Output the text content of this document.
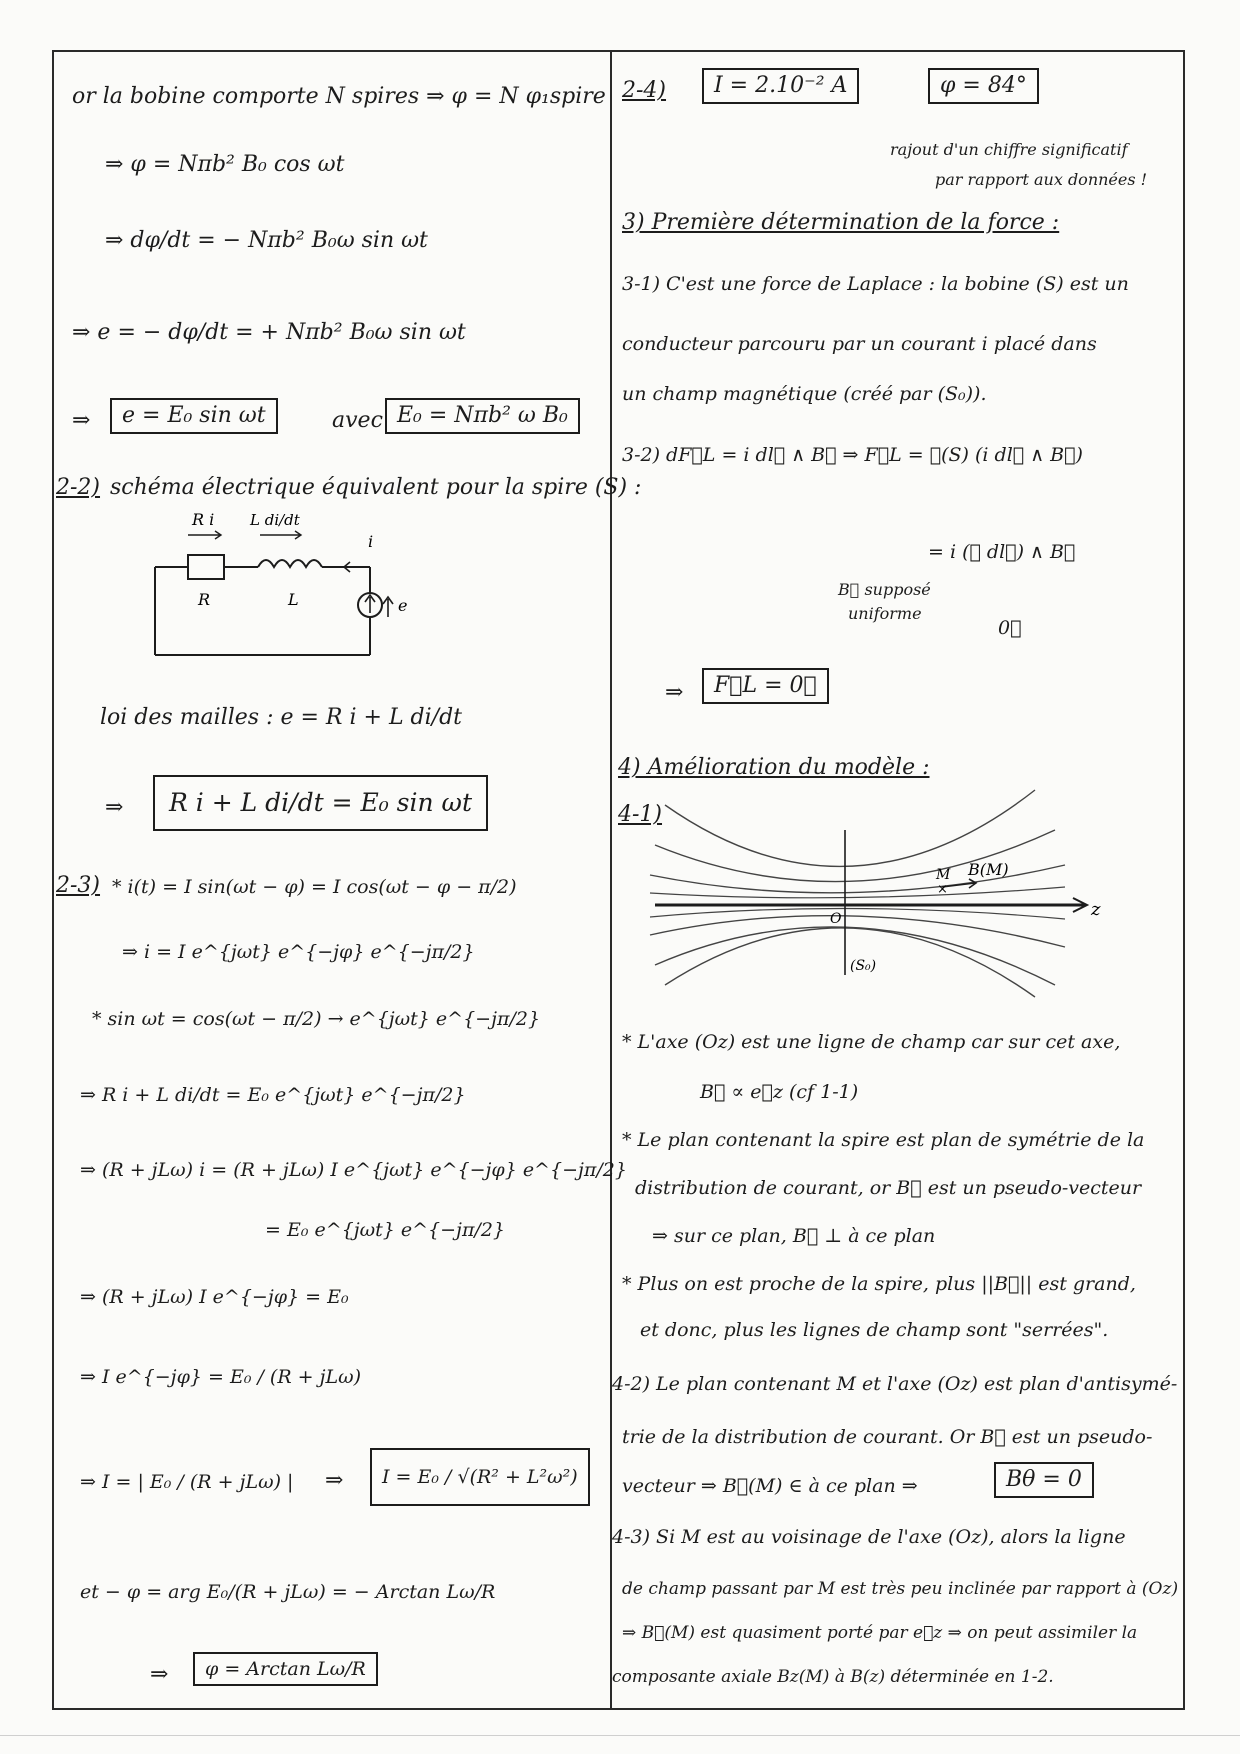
or la bobine comporte N spires ⇒ φ = N φ₁spire
⇒ φ = Nπb² B₀ cos ωt
⇒ dφ/dt = − Nπb² B₀ω sin ωt
⇒ e = − dφ/dt = + Nπb² B₀ω sin ωt
⇒	e = E₀ sin ωt	avec E₀ = Nπb² ω B₀
2-2) schéma électrique équivalent pour la spire (S) :
R i L di/dt
R	L
i
e
loi des mailles : e = R i + L di/dt
⇒	R i + L di/dt = E₀ sin ωt
2-3) * i(t) = I sin(ωt − φ) = I cos(ωt − φ − π/2)
⇒ i = I e^{jωt} e^{−jφ} e^{−jπ/2}
* sin ωt = cos(ωt − π/2) → e^{jωt} e^{−jπ/2}
⇒ R i + L di/dt = E₀ e^{jωt} e^{−jπ/2}
⇒ (R + jLω) i = (R + jLω) I e^{jωt} e^{−jφ} e^{−jπ/2}
= E₀ e^{jωt} e^{−jπ/2}
⇒ (R + jLω) I e^{−jφ} = E₀
⇒ I e^{−jφ} = E₀ / (R + jLω)
⇒ I = | E₀ / (R + jLω) | ⇒	I = E₀ / √(R² + L²ω²)
et − φ = arg E₀/(R + jLω) = − Arctan Lω/R
⇒	φ = Arctan Lω/R
2-4)	I = 2.10⁻² A	φ = 84°
rajout d'un chiffre significatif
par rapport aux données !
3) Première détermination de la force :
3-1) C'est une force de Laplace : la bobine (S) est un
conducteur parcouru par un courant i placé dans
un champ magnétique (créé par (S₀)).
3-2) dF⃗L = i dl⃗ ∧ B⃗ ⇒ F⃗L = ∮(S) (i dl⃗ ∧ B⃗)
= i (∮ dl⃗) ∧ B⃗
B⃗ supposé
uniforme
0⃗
⇒	F⃗L = 0⃗
4) Amélioration du modèle :
4-1)
M
×
B(M)
z
O
(S₀)
* L'axe (Oz) est une ligne de champ car sur cet axe,
B⃗ ∝ e⃗z (cf 1-1)
* Le plan contenant la spire est plan de symétrie de la
distribution de courant, or B⃗ est un pseudo-vecteur
⇒ sur ce plan, B⃗ ⊥ à ce plan
* Plus on est proche de la spire, plus ||B⃗|| est grand,
et donc, plus les lignes de champ sont "serrées".
4-2) Le plan contenant M et l'axe (Oz) est plan d'antisymé-
trie de la distribution de courant. Or B⃗ est un pseudo-
vecteur ⇒ B⃗(M) ∈ à ce plan ⇒	Bθ = 0
4-3) Si M est au voisinage de l'axe (Oz), alors la ligne
de champ passant par M est très peu inclinée par rapport à (Oz)
⇒ B⃗(M) est quasiment porté par e⃗z ⇒ on peut assimiler la
composante axiale Bz(M) à B(z) déterminée en 1-2.
